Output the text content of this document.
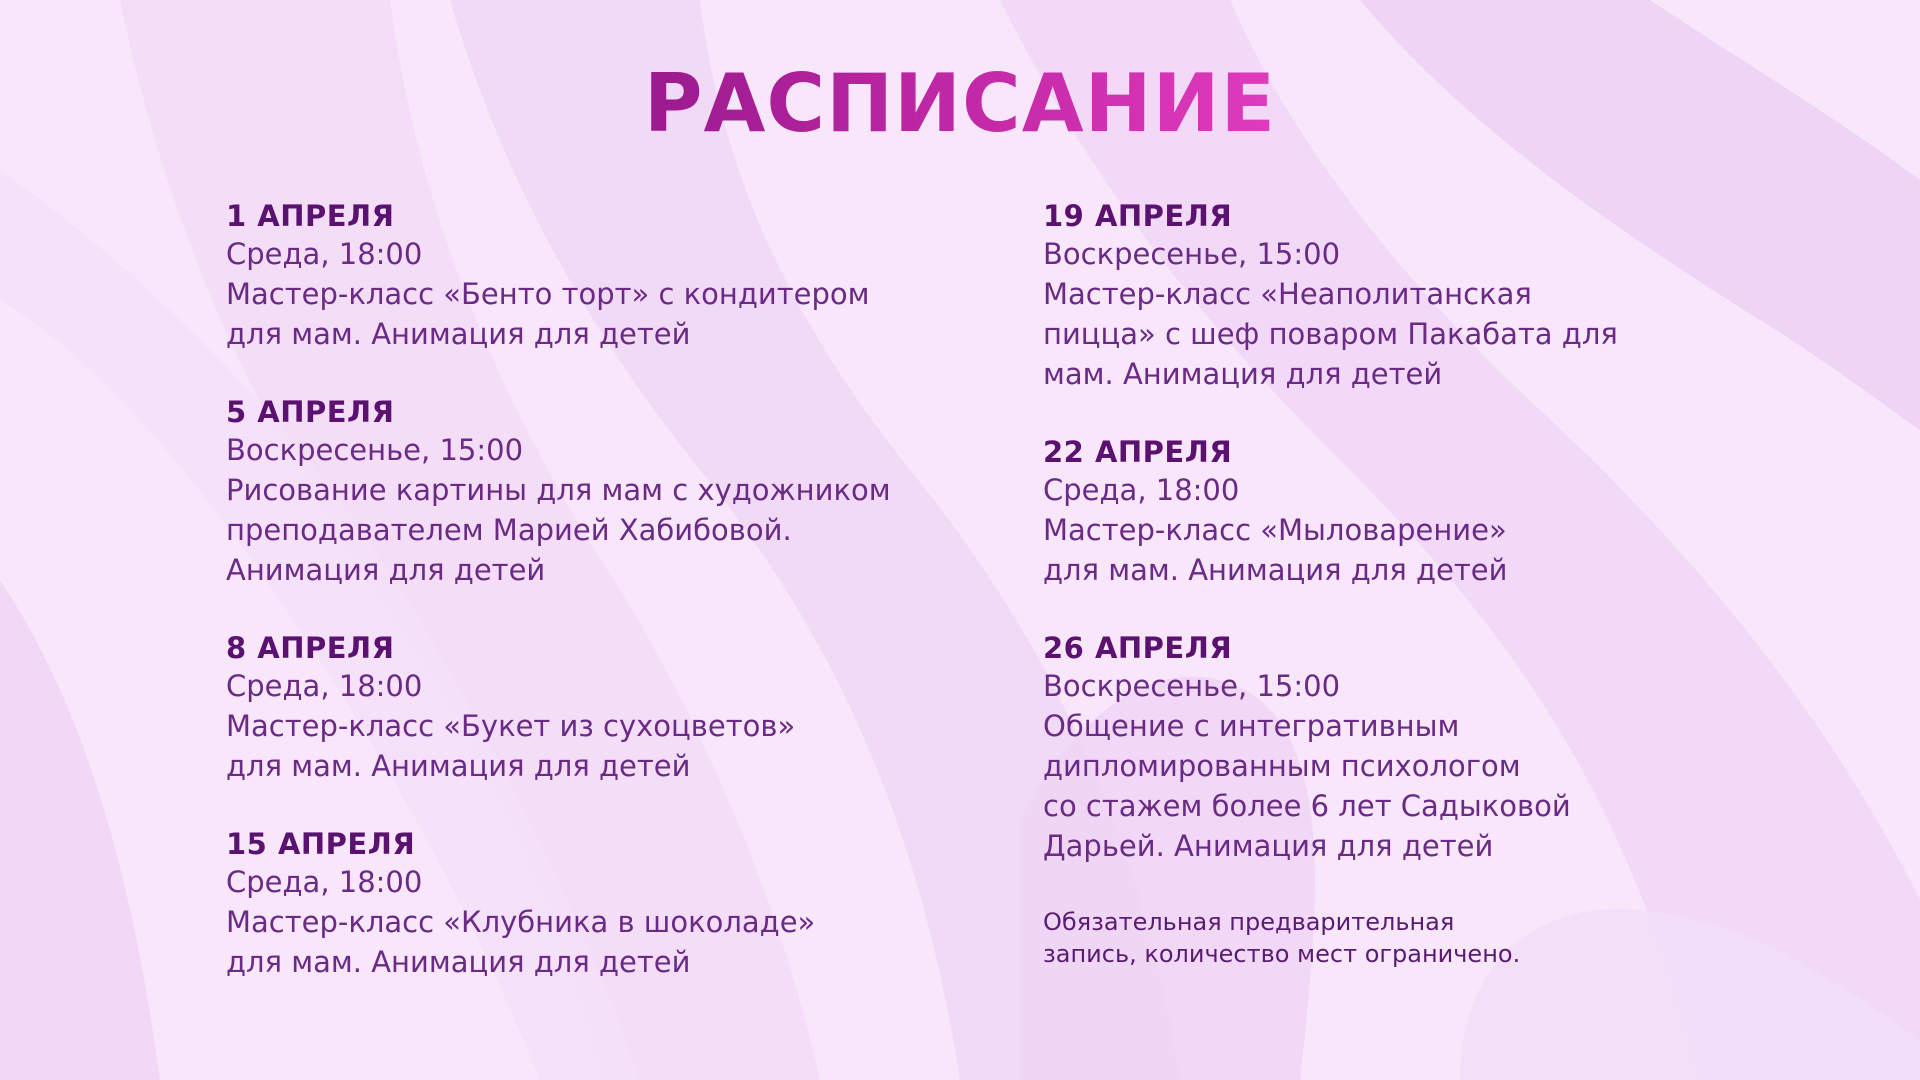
РАСПИСАНИЕ
1 АПРЕЛЯ
Среда, 18:00
Мастер-класс «Бенто торт» с кондитером
для мам. Анимация для детей
5 АПРЕЛЯ
Воскресенье, 15:00
Рисование картины для мам с художником
преподавателем Марией Хабибовой.
Анимация для детей
8 АПРЕЛЯ
Среда, 18:00
Мастер-класс «Букет из сухоцветов»
для мам. Анимация для детей
15 АПРЕЛЯ
Среда, 18:00
Мастер-класс «Клубника в шоколаде»
для мам. Анимация для детей
19 АПРЕЛЯ
Воскресенье, 15:00
Мастер-класс «Неаполитанская
пицца» с шеф поваром Пакабата для
мам. Анимация для детей
22 АПРЕЛЯ
Среда, 18:00
Мастер-класс «Мыловарение»
для мам. Анимация для детей
26 АПРЕЛЯ
Воскресенье, 15:00
Общение с интегративным
дипломированным психологом
со стажем более 6 лет Садыковой
Дарьей. Анимация для детей
Обязательная предварительная
запись, количество мест ограничено.
